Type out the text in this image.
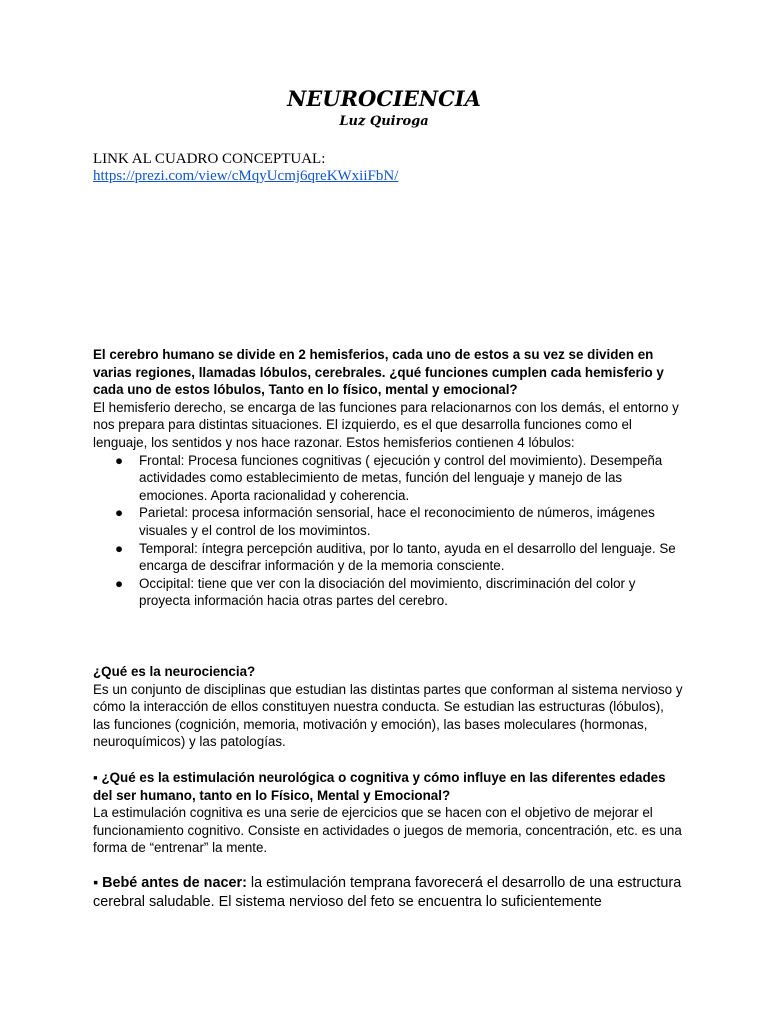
NEUROCIENCIA
Luz Quiroga
LINK AL CUADRO CONCEPTUAL:
https://prezi.com/view/cMqyUcmj6qreKWxiiFbN/

El cerebro humano se divide en 2 hemisferios, cada uno de estos a su vez se dividen en varias regiones, llamadas lóbulos, cerebrales. ¿qué funciones cumplen cada hemisferio y cada uno de estos lóbulos, Tanto en lo físico, mental y emocional?

El hemisferio derecho, se encarga de las funciones para relacionarnos con los demás, el entorno y nos prepara para distintas situaciones. El izquierdo, es el que desarrolla funciones como el lenguaje, los sentidos y nos hace razonar. Estos hemisferios contienen 4 lóbulos:

● Frontal: Procesa funciones cognitivas ( ejecución y control del movimiento). Desempeña actividades como establecimiento de metas, función del lenguaje y manejo de las emociones. Aporta racionalidad y coherencia.
● Parietal: procesa información sensorial, hace el reconocimiento de números, imágenes visuales y el control de los movimintos.
● Temporal: íntegra percepción auditiva, por lo tanto, ayuda en el desarrollo del lenguaje. Se encarga de descifrar información y de la memoria consciente.
● Occipital: tiene que ver con la disociación del movimiento, discriminación del color y proyecta información hacia otras partes del cerebro.

¿Qué es la neurociencia?

Es un conjunto de disciplinas que estudian las distintas partes que conforman al sistema nervioso y cómo la interacción de ellos constituyen nuestra conducta. Se estudian las estructuras (lóbulos), las funciones (cognición, memoria, motivación y emoción), las bases moleculares (hormonas, neuroquímicos) y las patologías.

▪ ¿Qué es la estimulación neurológica o cognitiva y cómo influye en las diferentes edades del ser humano, tanto en lo Físico, Mental y Emocional?

La estimulación cognitiva es una serie de ejercicios que se hacen con el objetivo de mejorar el funcionamiento cognitivo. Consiste en actividades o juegos de memoria, concentración, etc. es una forma de “entrenar” la mente.

▪ Bebé antes de nacer: la estimulación temprana favorecerá el desarrollo de una estructura cerebral saludable. El sistema nervioso del feto se encuentra lo suficientemente
